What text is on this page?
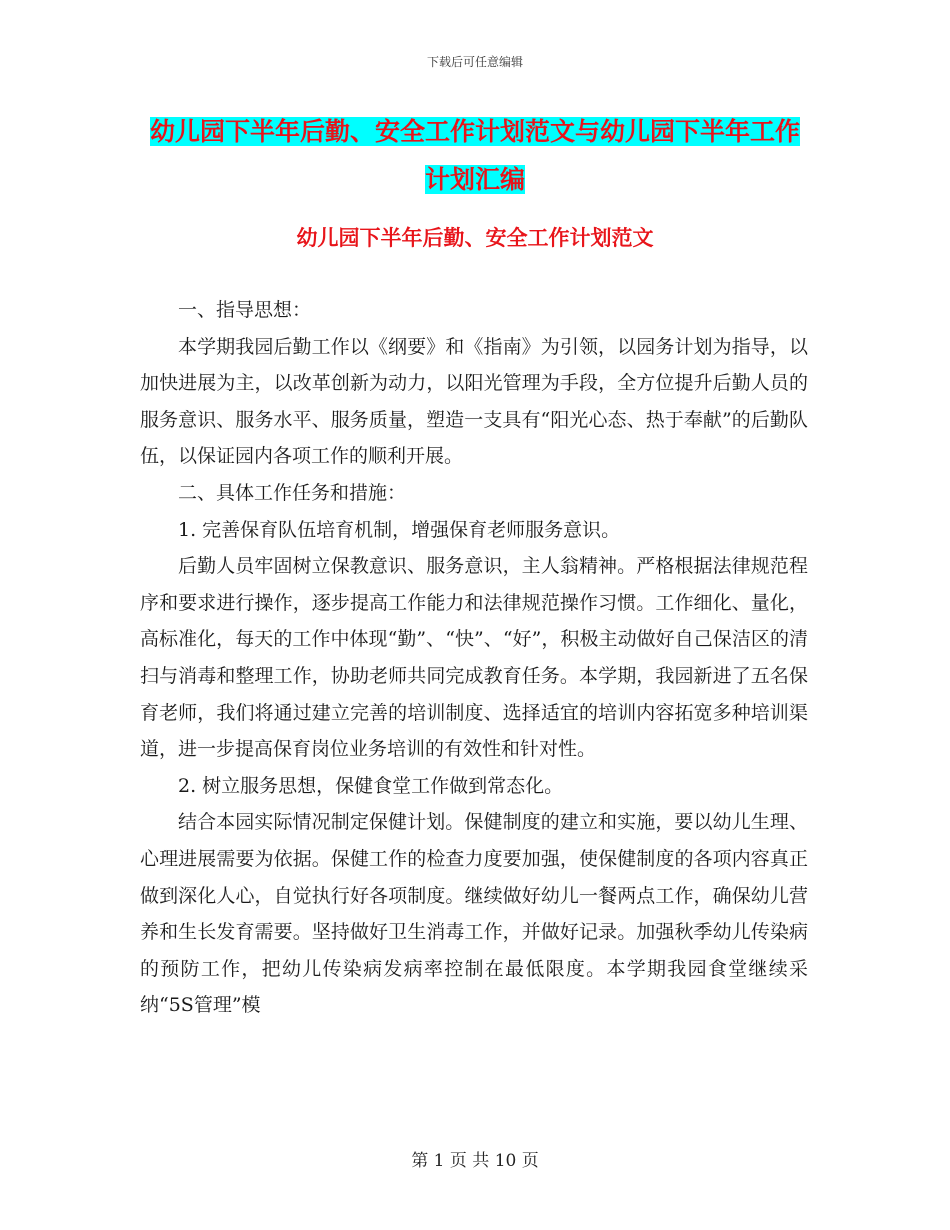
下载后可任意编辑
幼儿园下半年后勤、安全工作计划范文与幼儿园下半年工作计划汇编
幼儿园下半年后勤、安全工作计划范文

一、指导思想：

本学期我园后勤工作以《纲要》和《指南》为引领，以园务计划为指导，以加快进展为主，以改革创新为动力，以阳光管理为手段，全方位提升后勤人员的服务意识、服务水平、服务质量，塑造一支具有“阳光心态、热于奉献”的后勤队伍，以保证园内各项工作的顺利开展。

二、具体工作任务和措施：

1. 完善保育队伍培育机制，增强保育老师服务意识。

后勤人员牢固树立保教意识、服务意识，主人翁精神。严格根据法律规范程序和要求进行操作，逐步提高工作能力和法律规范操作习惯。工作细化、量化，高标准化，每天的工作中体现“勤”、“快”、“好”，积极主动做好自己保洁区的清扫与消毒和整理工作，协助老师共同完成教育任务。本学期，我园新进了五名保育老师，我们将通过建立完善的培训制度、选择适宜的培训内容拓宽多种培训渠道，进一步提高保育岗位业务培训的有效性和针对性。

2. 树立服务思想，保健食堂工作做到常态化。

结合本园实际情况制定保健计划。保健制度的建立和实施，要以幼儿生理、心理进展需要为依据。保健工作的检查力度要加强，使保健制度的各项内容真正做到深化人心，自觉执行好各项制度。继续做好幼儿一餐两点工作，确保幼儿营养和生长发育需要。坚持做好卫生消毒工作，并做好记录。加强秋季幼儿传染病的预防工作，把幼儿传染病发病率控制在最低限度。本学期我园食堂继续采纳“5S管理”模

第 1 页 共 10 页
